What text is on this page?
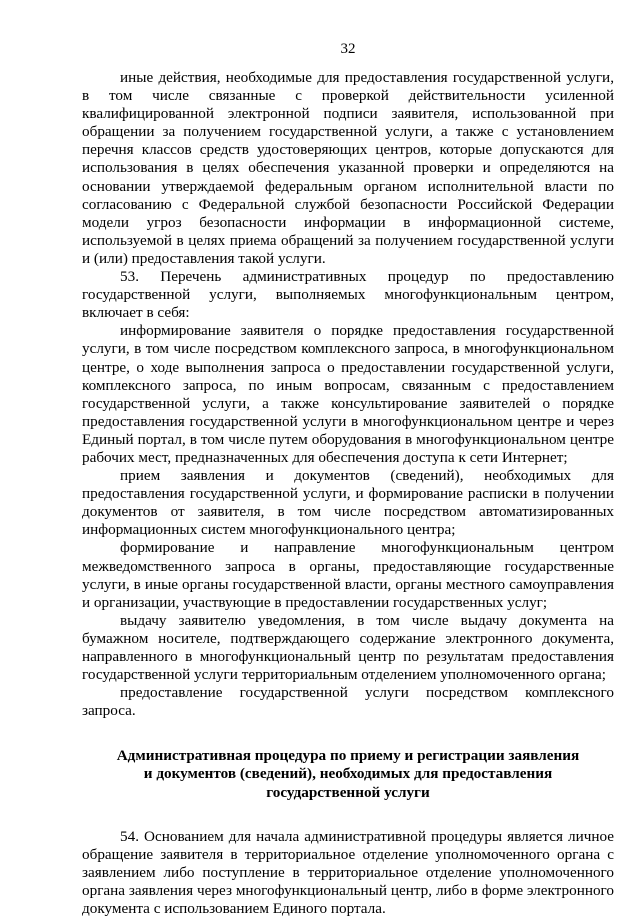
32

иные действия, необходимые для предоставления государственной услуги, в том числе связанные с проверкой действительности усиленной квалифицированной электронной подписи заявителя, использованной при обращении за получением государственной услуги, а также с установлением перечня классов средств удостоверяющих центров, которые допускаются для использования в целях обеспечения указанной проверки и определяются на основании утверждаемой федеральным органом исполнительной власти по согласованию с Федеральной службой безопасности Российской Федерации модели угроз безопасности информации в информационной системе, используемой в целях приема обращений за получением государственной услуги и (или) предоставления такой услуги.

53. Перечень административных процедур по предоставлению государственной услуги, выполняемых многофункциональным центром, включает в себя:

информирование заявителя о порядке предоставления государственной услуги, в том числе посредством комплексного запроса, в многофункциональном центре, о ходе выполнения запроса о предоставлении государственной услуги, комплексного запроса, по иным вопросам, связанным с предоставлением государственной услуги, а также консультирование заявителей о порядке предоставления государственной услуги в многофункциональном центре и через Единый портал, в том числе путем оборудования в многофункциональном центре рабочих мест, предназначенных для обеспечения доступа к сети Интернет;

прием заявления и документов (сведений), необходимых для предоставления государственной услуги, и формирование расписки в получении документов от заявителя, в том числе посредством автоматизированных информационных систем многофункционального центра;

формирование и направление многофункциональным центром межведомственного запроса в органы, предоставляющие государственные услуги, в иные органы государственной власти, органы местного самоуправления и организации, участвующие в предоставлении государственных услуг;

выдачу заявителю уведомления, в том числе выдачу документа на бумажном носителе, подтверждающего содержание электронного документа, направленного в многофункциональный центр по результатам предоставления государственной услуги территориальным отделением уполномоченного органа;

предоставление государственной услуги посредством комплексного запроса.

Административная процедура по приему и регистрации заявления
и документов (сведений), необходимых для предоставления
государственной услуги

54. Основанием для начала административной процедуры является личное обращение заявителя в территориальное отделение уполномоченного органа с заявлением либо поступление в территориальное отделение уполномоченного органа заявления через многофункциональный центр, либо в форме электронного документа с использованием Единого портала.
